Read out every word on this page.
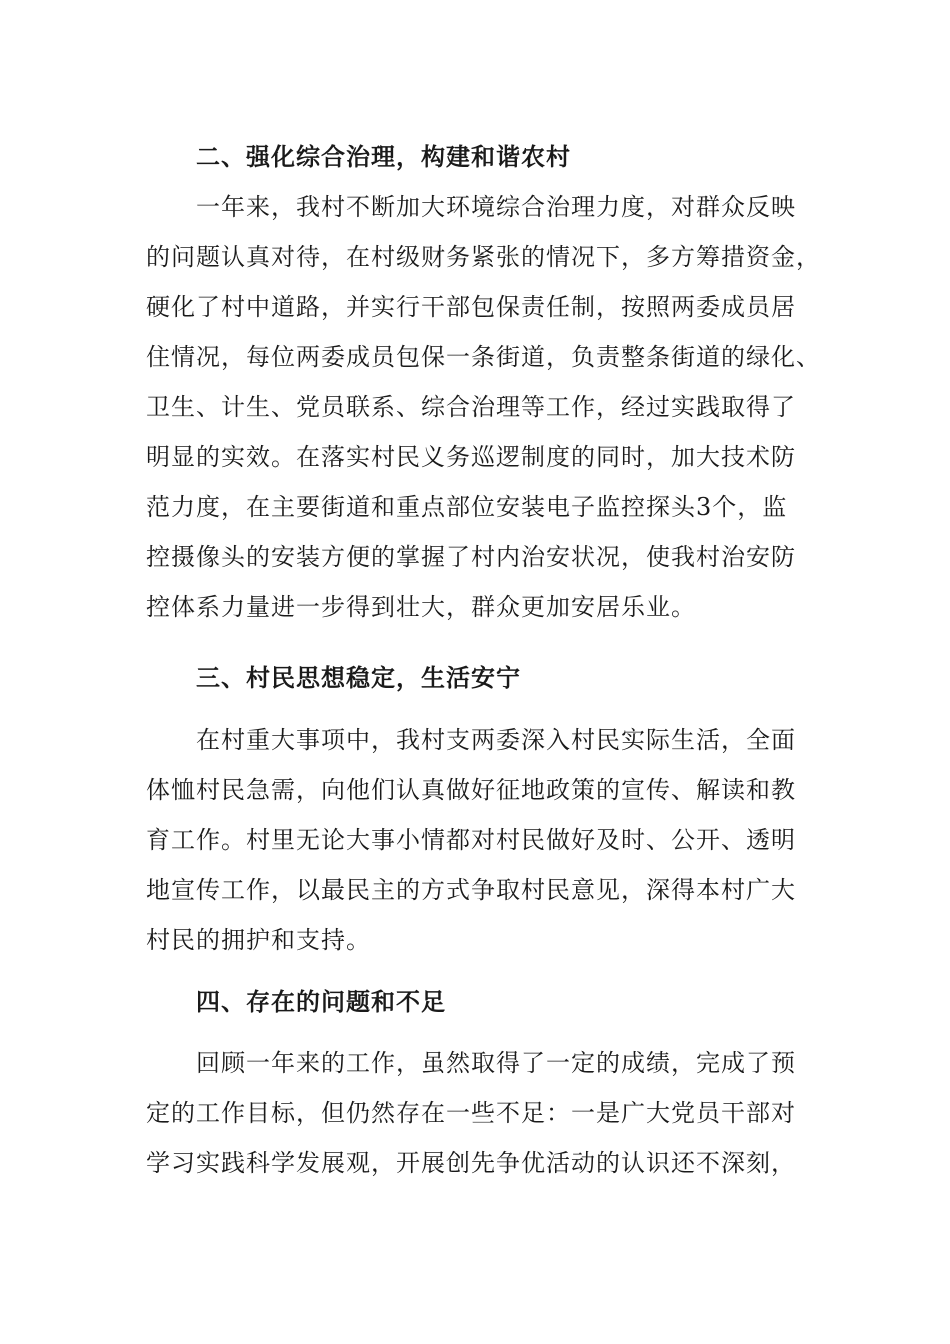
二、强化综合治理，构建和谐农村
一年来，我村不断加大环境综合治理力度，对群众反映
的问题认真对待，在村级财务紧张的情况下，多方筹措资金，
硬化了村中道路，并实行干部包保责任制，按照两委成员居
住情况，每位两委成员包保一条街道，负责整条街道的绿化、
卫生、计生、党员联系、综合治理等工作，经过实践取得了
明显的实效。在落实村民义务巡逻制度的同时，加大技术防
范力度，在主要街道和重点部位安装电子监控探头3个，监
控摄像头的安装方便的掌握了村内治安状况，使我村治安防
控体系力量进一步得到壮大，群众更加安居乐业。
三、村民思想稳定，生活安宁
在村重大事项中，我村支两委深入村民实际生活，全面
体恤村民急需，向他们认真做好征地政策的宣传、解读和教
育工作。村里无论大事小情都对村民做好及时、公开、透明
地宣传工作，以最民主的方式争取村民意见，深得本村广大
村民的拥护和支持。
四、存在的问题和不足
回顾一年来的工作，虽然取得了一定的成绩，完成了预
定的工作目标，但仍然存在一些不足：一是广大党员干部对
学习实践科学发展观，开展创先争优活动的认识还不深刻，
